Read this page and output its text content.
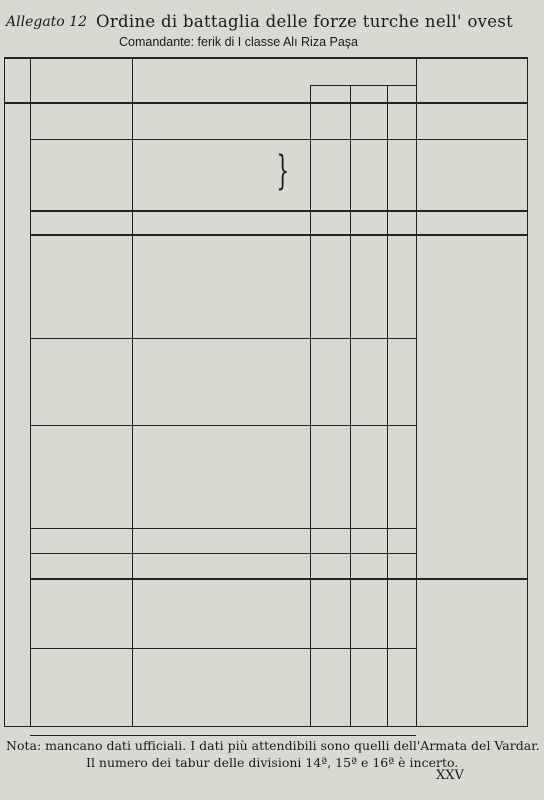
Allegato 12 Ordine di battaglia delle forze turche nell' ovest
Comandante: ferik di I classe Alı Riza Paşa
}
Nota: mancano dati ufficiali. I dati più attendibili sono quelli dell'Armata del Vardar.
Il numero dei tabur delle divisioni 14ª, 15ª e 16ª è incerto.
XXV
